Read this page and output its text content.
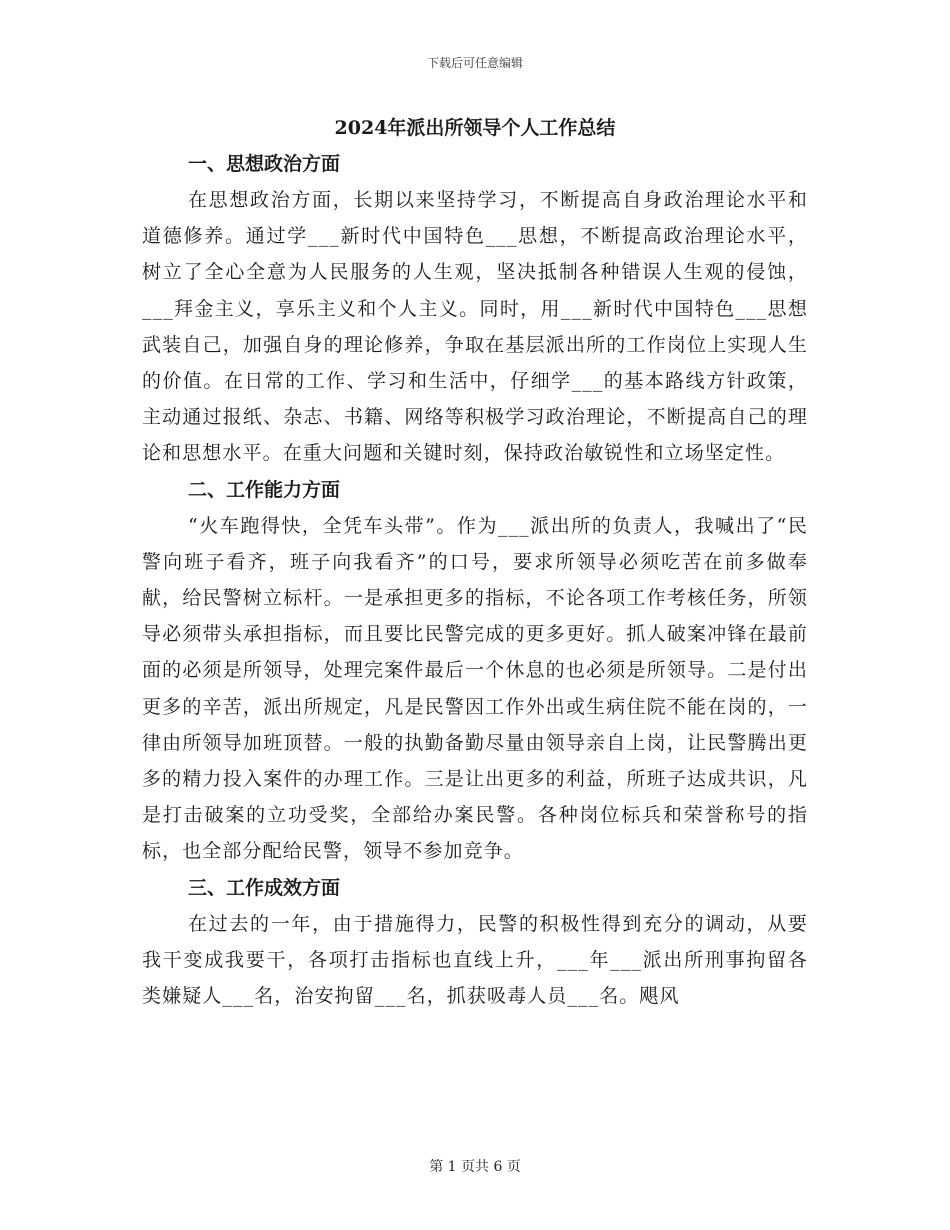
下载后可任意编辑
2024年派出所领导个人工作总结
一、思想政治方面

在思想政治方面，长期以来坚持学习，不断提高自身政治理论水平和道德修养。通过学___新时代中国特色___思想，不断提高政治理论水平，树立了全心全意为人民服务的人生观，坚决抵制各种错误人生观的侵蚀，___拜金主义，享乐主义和个人主义。同时，用___新时代中国特色___思想武装自己，加强自身的理论修养，争取在基层派出所的工作岗位上实现人生的价值。在日常的工作、学习和生活中，仔细学___的基本路线方针政策，主动通过报纸、杂志、书籍、网络等积极学习政治理论，不断提高自己的理论和思想水平。在重大问题和关键时刻，保持政治敏锐性和立场坚定性。

二、工作能力方面

“火车跑得快，全凭车头带”。作为___派出所的负责人，我喊出了“民警向班子看齐，班子向我看齐”的口号，要求所领导必须吃苦在前多做奉献，给民警树立标杆。一是承担更多的指标，不论各项工作考核任务，所领导必须带头承担指标，而且要比民警完成的更多更好。抓人破案冲锋在最前面的必须是所领导，处理完案件最后一个休息的也必须是所领导。二是付出更多的辛苦，派出所规定，凡是民警因工作外出或生病住院不能在岗的，一律由所领导加班顶替。一般的执勤备勤尽量由领导亲自上岗，让民警腾出更多的精力投入案件的办理工作。三是让出更多的利益，所班子达成共识，凡是打击破案的立功受奖，全部给办案民警。各种岗位标兵和荣誉称号的指标，也全部分配给民警，领导不参加竞争。

三、工作成效方面

在过去的一年，由于措施得力，民警的积极性得到充分的调动，从要我干变成我要干，各项打击指标也直线上升，___年___派出所刑事拘留各类嫌疑人___名，治安拘留___名，抓获吸毒人员___名。飓风

第 1 页共 6 页
